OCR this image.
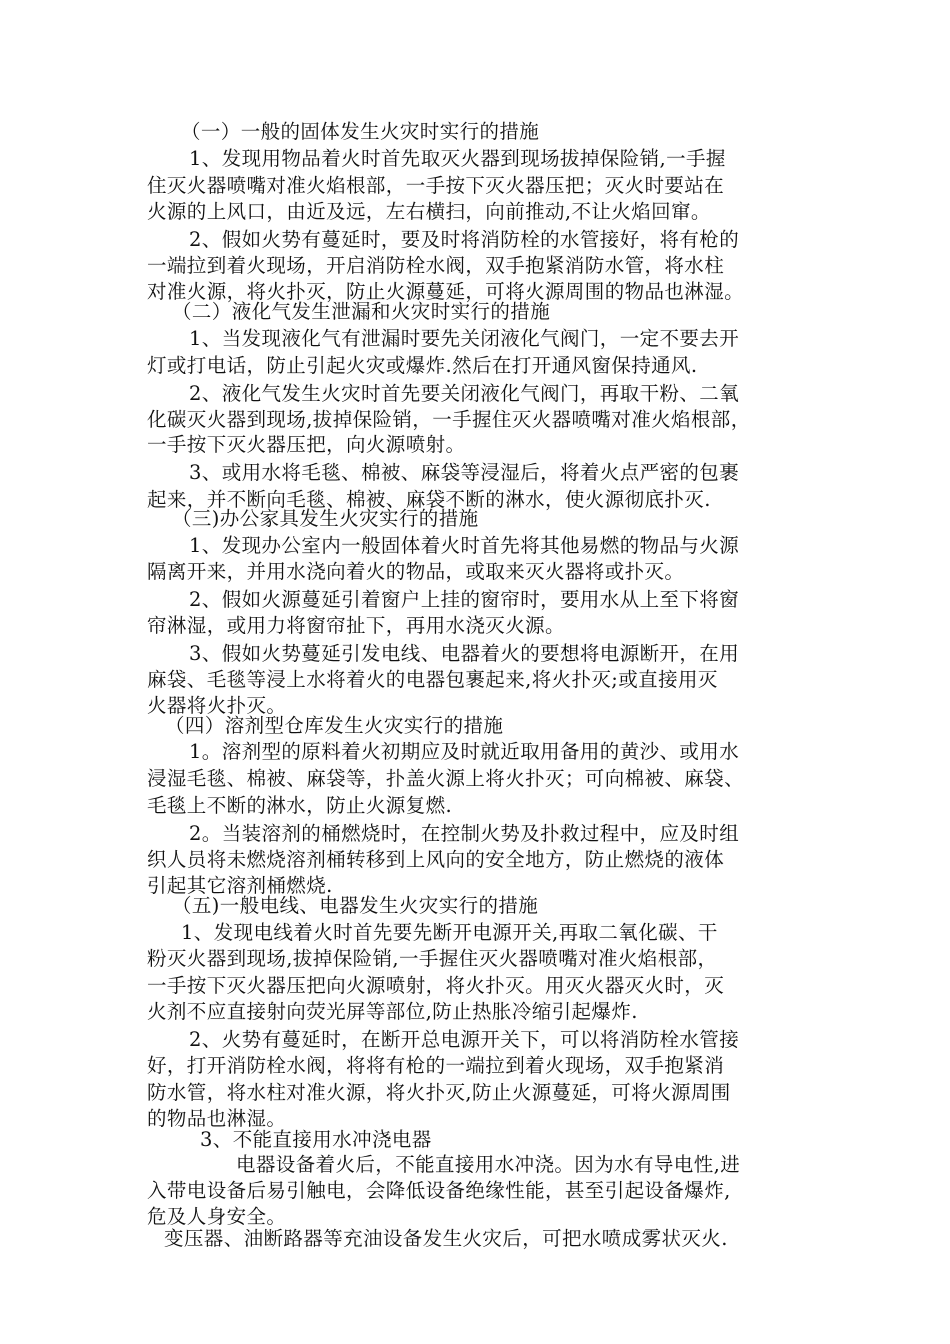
（一）一般的固体发生火灾时实行的措施
1、发现用物品着火时首先取灭火器到现场拔掉保险销,一手握
住灭火器喷嘴对准火焰根部，一手按下灭火器压把；灭火时要站在
火源的上风口，由近及远，左右横扫，向前推动,不让火焰回窜。
2、假如火势有蔓延时，要及时将消防栓的水管接好，将有枪的
一端拉到着火现场，开启消防栓水阀，双手抱紧消防水管，将水柱
对准火源，将火扑灭，防止火源蔓延，可将火源周围的物品也淋湿。
（二）液化气发生泄漏和火灾时实行的措施
1、当发现液化气有泄漏时要先关闭液化气阀门，一定不要去开
灯或打电话，防止引起火灾或爆炸.然后在打开通风窗保持通风.
2、液化气发生火灾时首先要关闭液化气阀门，再取干粉、二氧
化碳灭火器到现场,拔掉保险销，一手握住灭火器喷嘴对准火焰根部，
一手按下灭火器压把，向火源喷射。
3、或用水将毛毯、棉被、麻袋等浸湿后，将着火点严密的包裹
起来，并不断向毛毯、棉被、麻袋不断的淋水，使火源彻底扑灭.
（三)办公家具发生火灾实行的措施
1、发现办公室内一般固体着火时首先将其他易燃的物品与火源
隔离开来，并用水浇向着火的物品，或取来灭火器将或扑灭。
2、假如火源蔓延引着窗户上挂的窗帘时，要用水从上至下将窗
帘淋湿，或用力将窗帘扯下，再用水浇灭火源。
3、假如火势蔓延引发电线、电器着火的要想将电源断开，在用
麻袋、毛毯等浸上水将着火的电器包裹起来,将火扑灭;或直接用灭
火器将火扑灭。
（四）溶剂型仓库发生火灾实行的措施
1。溶剂型的原料着火初期应及时就近取用备用的黄沙、或用水
浸湿毛毯、棉被、麻袋等，扑盖火源上将火扑灭；可向棉被、麻袋、
毛毯上不断的淋水，防止火源复燃.
2。当装溶剂的桶燃烧时，在控制火势及扑救过程中，应及时组
织人员将未燃烧溶剂桶转移到上风向的安全地方，防止燃烧的液体
引起其它溶剂桶燃烧.
（五)一般电线、电器发生火灾实行的措施
1、发现电线着火时首先要先断开电源开关,再取二氧化碳、干
粉灭火器到现场,拔掉保险销,一手握住灭火器喷嘴对准火焰根部，
一手按下灭火器压把向火源喷射，将火扑灭。用灭火器灭火时，灭
火剂不应直接射向荧光屏等部位,防止热胀冷缩引起爆炸.
2、火势有蔓延时，在断开总电源开关下，可以将消防栓水管接
好，打开消防栓水阀，将将有枪的一端拉到着火现场，双手抱紧消
防水管，将水柱对准火源，将火扑灭,防止火源蔓延，可将火源周围
的物品也淋湿。
3、不能直接用水冲浇电器
电器设备着火后，不能直接用水冲浇。因为水有导电性,进
入带电设备后易引触电，会降低设备绝缘性能，甚至引起设备爆炸,
危及人身安全。
变压器、油断路器等充油设备发生火灾后，可把水喷成雾状灭火.
